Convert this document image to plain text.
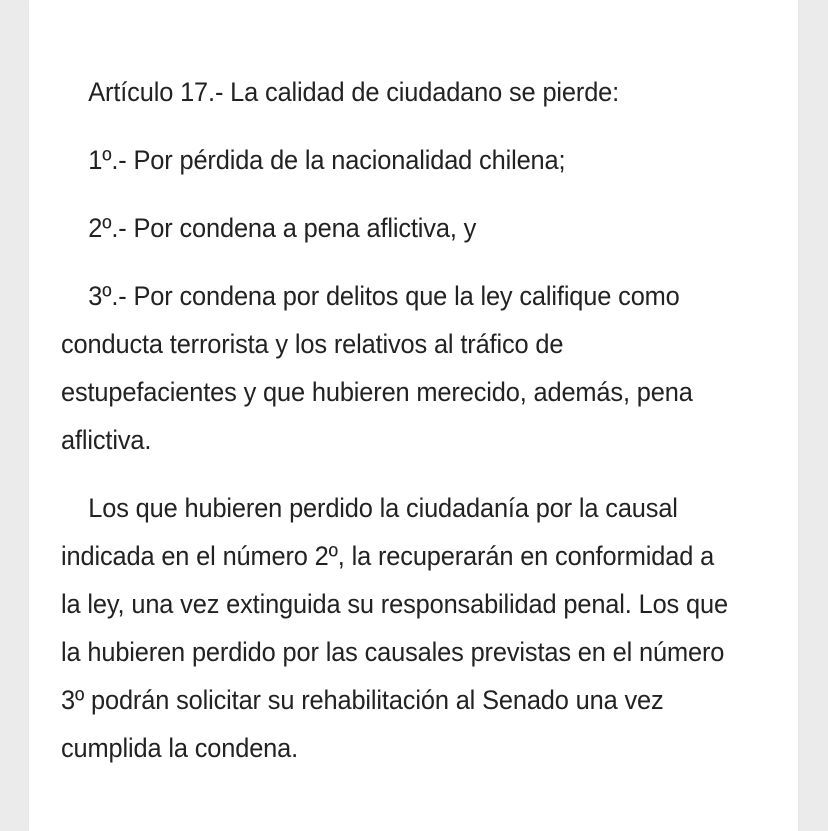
Artículo 17.- La calidad de ciudadano se pierde:

1º.- Por pérdida de la nacionalidad chilena;

2º.- Por condena a pena aflictiva, y

3º.- Por condena por delitos que la ley califique como conducta terrorista y los relativos al tráfico de estupefacientes y que hubieren merecido, además, pena aflictiva.

Los que hubieren perdido la ciudadanía por la causal indicada en el número 2º, la recuperarán en conformidad a la ley, una vez extinguida su responsabilidad penal. Los que la hubieren perdido por las causales previstas en el número 3º podrán solicitar su rehabilitación al Senado una vez cumplida la condena.
